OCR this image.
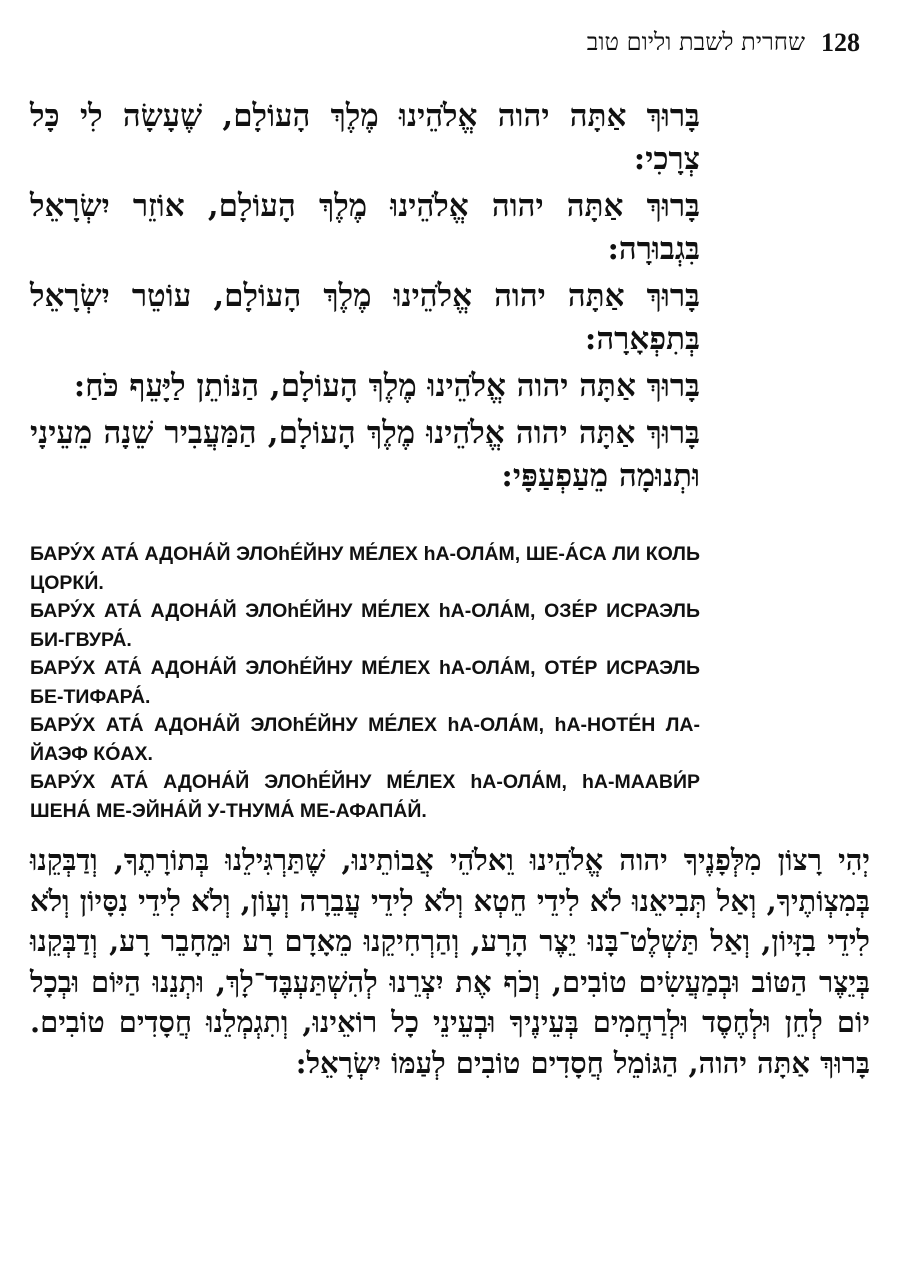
128
שחרית לשבת וליום טוב

בָּרוּךְ אַתָּה יהוה אֱלֹהֵינוּ מֶלֶךְ הָעוֹלָם, שֶׁעָשָׂה לִי כָּל צְרָכִי:

בָּרוּךְ אַתָּה יהוה אֱלֹהֵינוּ מֶלֶךְ הָעוֹלָם, אוֹזֵר יִשְׂרָאֵל בִּגְבוּרָה:

בָּרוּךְ אַתָּה יהוה אֱלֹהֵינוּ מֶלֶךְ הָעוֹלָם, עוֹטֵר יִשְׂרָאֵל בְּתִפְאָרָה:

בָּרוּךְ אַתָּה יהוה אֱלֹהֵינוּ מֶלֶךְ הָעוֹלָם, הַנּוֹתֵן לַיָּעֵף כֹּחַ:

בָּרוּךְ אַתָּה יהוה אֱלֹהֵינוּ מֶלֶךְ הָעוֹלָם, הַמַּעֲבִיר שֵׁנָה מֵעֵינָי וּתְנוּמָה מֵעַפְעַפָּי:

БАРУ́Х АТА́ АДОНА́Й ЭЛОhЕ́ЙНУ МЕ́ЛЕХ hА-ОЛА́М, ШЕ-А́СА ЛИ КОЛЬ ЦОРКИ́.

БАРУ́Х АТА́ АДОНА́Й ЭЛОhЕ́ЙНУ МЕ́ЛЕХ hА-ОЛА́М, ОЗЕ́Р ИСРАЭЛЬ БИ-ГВУРА́.

БАРУ́Х АТА́ АДОНА́Й ЭЛОhЕ́ЙНУ МЕ́ЛЕХ hА-ОЛА́М, ОТЕ́Р ИСРАЭЛЬ БЕ-ТИФАРА́.

БАРУ́Х АТА́ АДОНА́Й ЭЛОhЕ́ЙНУ МЕ́ЛЕХ hА-ОЛА́М, hА-НОТЕ́Н ЛА-ЙАЭФ КО́АХ.

БАРУ́Х АТА́ АДОНА́Й ЭЛОhЕ́ЙНУ МЕ́ЛЕХ hА-ОЛА́М, hА-МААВИ́Р ШЕНА́ МЕ-ЭЙНА́Й У-ТНУМА́ МЕ-АФАПА́Й.

יְהִי רָצוֹן מִלְּפָנֶיךָ יהוה אֱלֹהֵינוּ וֵאלֹהֵי אֲבוֹתֵינוּ, שֶׁתַּרְגִּילֵנוּ בְּתוֹרָתֶךָ, וְדַבְּקֵנוּ בְּמִצְוֹתֶיךָ, וְאַל תְּבִיאֵנוּ לֹא לִידֵי חֵטְא וְלֹא לִידֵי עֲבֵרָה וְעָוֹן, וְלֹא לִידֵי נִסָּיוֹן וְלֹא לִידֵי בִזָּיוֹן, וְאַל תַּשְׁלֶט־בָּנוּ יֵצֶר הָרָע, וְהַרְחִיקֵנוּ מֵאָדָם רָע וּמֵחָבֵר רָע, וְדַבְּקֵנוּ בְּיֵצֶר הַטּוֹב וּבְמַעֲשִׂים טוֹבִים, וְכֹף אֶת יִצְרֵנוּ לְהִשְׁתַּעְבֶּד־לָךְ, וּתְנֵנוּ הַיּוֹם וּבְכָל יוֹם לְחֵן וּלְחֶסֶד וּלְרַחֲמִים בְּעֵינֶיךָ וּבְעֵינֵי כָל רוֹאֵינוּ, וְתִגְמְלֵנוּ חֲסָדִים טוֹבִים. בָּרוּךְ אַתָּה יהוה, הַגּוֹמֵל חֲסָדִים טוֹבִים לְעַמּוֹ יִשְׂרָאֵל:
